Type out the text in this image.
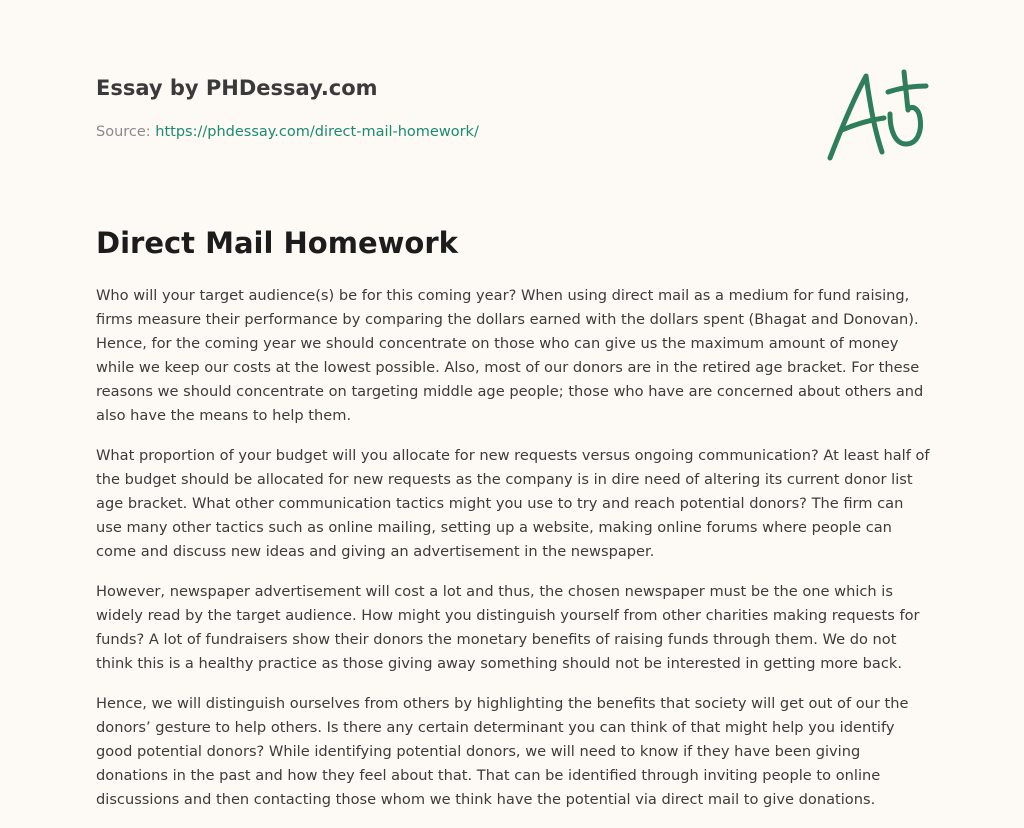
Essay by PHDessay.com
Source: https://phdessay.com/direct-mail-homework/
Direct Mail Homework

Who will your target audience(s) be for this coming year? When using direct mail as a medium for fund raising, firms measure their performance by comparing the dollars earned with the dollars spent (Bhagat and Donovan). Hence, for the coming year we should concentrate on those who can give us the maximum amount of money while we keep our costs at the lowest possible. Also, most of our donors are in the retired age bracket. For these reasons we should concentrate on targeting middle age people; those who have are concerned about others and also have the means to help them.

What proportion of your budget will you allocate for new requests versus ongoing communication? At least half of the budget should be allocated for new requests as the company is in dire need of altering its current donor list age bracket. What other communication tactics might you use to try and reach potential donors? The firm can use many other tactics such as online mailing, setting up a website, making online forums where people can come and discuss new ideas and giving an advertisement in the newspaper.

However, newspaper advertisement will cost a lot and thus, the chosen newspaper must be the one which is widely read by the target audience. How might you distinguish yourself from other charities making requests for funds? A lot of fundraisers show their donors the monetary benefits of raising funds through them. We do not think this is a healthy practice as those giving away something should not be interested in getting more back.

Hence, we will distinguish ourselves from others by highlighting the benefits that society will get out of our the donors’ gesture to help others. Is there any certain determinant you can think of that might help you identify good potential donors? While identifying potential donors, we will need to know if they have been giving donations in the past and how they feel about that. That can be identified through inviting people to online discussions and then contacting those whom we think have the potential via direct mail to give donations.
